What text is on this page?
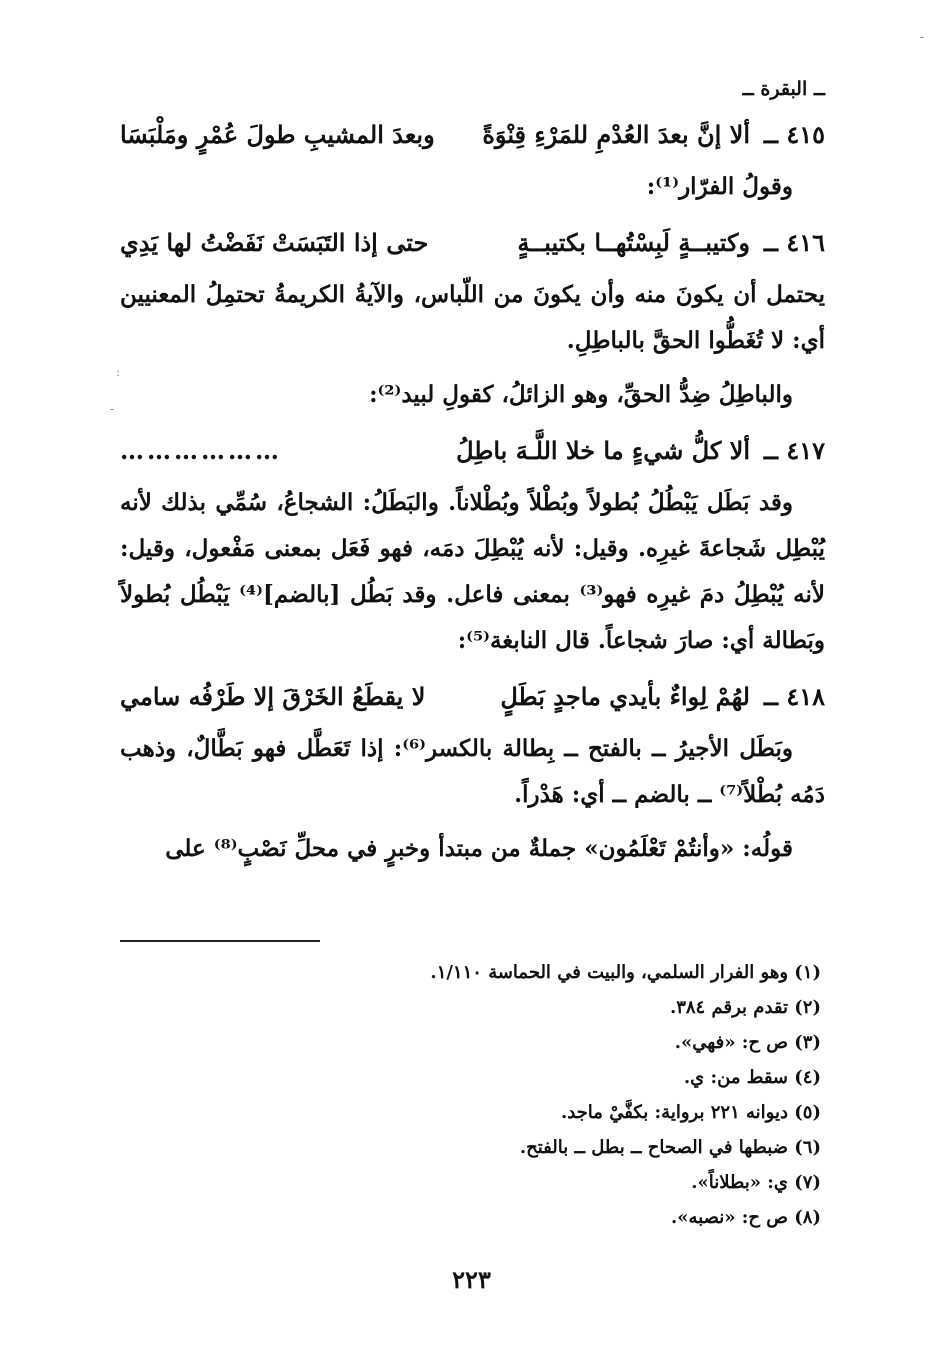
ــ البقرة ــ
٤١٥ ــ
ألا إنَّ بعدَ العُدْمِ للمَرْءِ قِنْوَةً
وبعدَ المشيبِ طولَ عُمْرٍ ومَلْبَسَا
وقولُ الفرّار⁽¹⁾:
٤١٦ ــ
وكتيبــةٍ لَبِسْتُهــا بكتيبــةٍ
حتى إذا التَبَسَتْ نَفَضْتُ لها يَدِي
يحتمل أن يكونَ منه وأن يكونَ من اللّباس، والآيةُ الكريمةُ تحتمِلُ المعنيين أي: لا تُغَطُّوا الحقَّ بالباطِلِ.
والباطِلُ ضِدُّ الحقِّ، وهو الزائلُ، كقولِ لبيد⁽²⁾:
٤١٧ ــ
ألا كلُّ شيءٍ ما خلا اللَّـهَ باطِلُ
………………
وقد بَطَل يَبْطُلُ بُطولاً وبُطْلاً وبُطْلاناً. والبَطَلُ: الشجاعُ، سُمِّي بذلك لأنه يُبْطِل شَجاعةَ غيرِه. وقيل: لأنه يُبْطِلَ دمَه، فهو فَعَل بمعنى مَفْعول، وقيل: لأنه يُبْطِلُ دمَ غيرِه فهو⁽³⁾ بمعنى فاعل. وقد بَطُل [بالضم]⁽⁴⁾ يَبْطُل بُطولاً وبَطالة أي: صارَ شجاعاً. قال النابغة⁽⁵⁾:
٤١٨ ــ
لهُمْ لِواءٌ بأيدي ماجدٍ بَطَلٍ
لا يقطَعُ الخَرْقَ إلا طَرْفُه سامي
وبَطَل الأجيرُ ــ بالفتح ــ بِطالة بالكسر⁽⁶⁾: إذا تَعَطَّل فهو بَطَّالٌ، وذهب دَمُه بُطْلاً⁽⁷⁾ ــ بالضم ــ أي: هَدْراً.
قولُه: «وأنتُمْ تَعْلَمُون» جملةٌ من مبتدأ وخبرٍ في محلِّ نَصْبٍ⁽⁸⁾ على
(١) وهو الفرار السلمي، والبيت في الحماسة ١/١١٠.
(٢) تقدم برقم ٣٨٤.
(٣) ص ح: «فهي».
(٤) سقط من: ي.
(٥) ديوانه ٢٢١ برواية: بكفَّيْ ماجد.
(٦) ضبطها في الصحاح ــ بطل ــ بالفتح.
(٧) ي: «بطلاناً».
(٨) ص ح: «نصبه».
٢٢٣
ː
-
-
